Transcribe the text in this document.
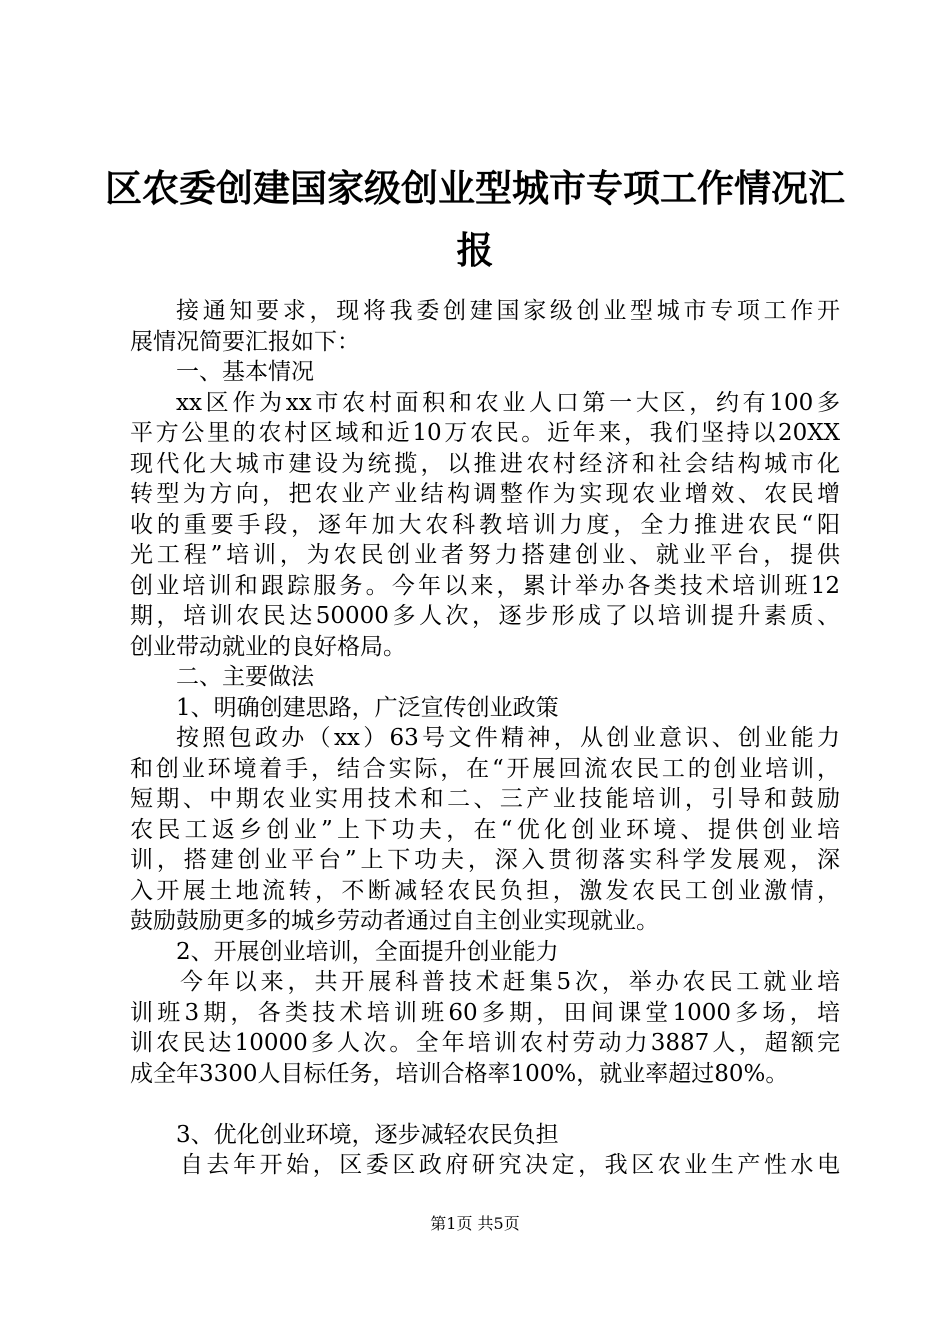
区农委创建国家级创业型城市专项工作情况汇
报
接通知要求，现将我委创建国家级创业型城市专项工作开
展情况简要汇报如下：
一、基本情况
xx区作为xx市农村面积和农业人口第一大区，约有100多
平方公里的农村区域和近10万农民。近年来，我们坚持以20XX
现代化大城市建设为统揽，以推进农村经济和社会结构城市化
转型为方向，把农业产业结构调整作为实现农业增效、农民增
收的重要手段，逐年加大农科教培训力度，全力推进农民“阳
光工程”培训，为农民创业者努力搭建创业、就业平台，提供
创业培训和跟踪服务。今年以来，累计举办各类技术培训班12
期，培训农民达50000多人次，逐步形成了以培训提升素质、
创业带动就业的良好格局。
二、主要做法
1、明确创建思路，广泛宣传创业政策
按照包政办（xx）63号文件精神，从创业意识、创业能力
和创业环境着手，结合实际，在“开展回流农民工的创业培训，
短期、中期农业实用技术和二、三产业技能培训，引导和鼓励
农民工返乡创业”上下功夫，在“优化创业环境、提供创业培
训，搭建创业平台”上下功夫，深入贯彻落实科学发展观，深
入开展土地流转，不断减轻农民负担，激发农民工创业激情，
鼓励鼓励更多的城乡劳动者通过自主创业实现就业。
2、开展创业培训，全面提升创业能力
今年以来，共开展科普技术赶集5次，举办农民工就业培
训班3期，各类技术培训班60多期，田间课堂1000多场，培
训农民达10000多人次。全年培训农村劳动力3887人，超额完
成全年3300人目标任务，培训合格率100%，就业率超过80%。
3、优化创业环境，逐步减轻农民负担
自去年开始，区委区政府研究决定，我区农业生产性水电
第1页 共5页
